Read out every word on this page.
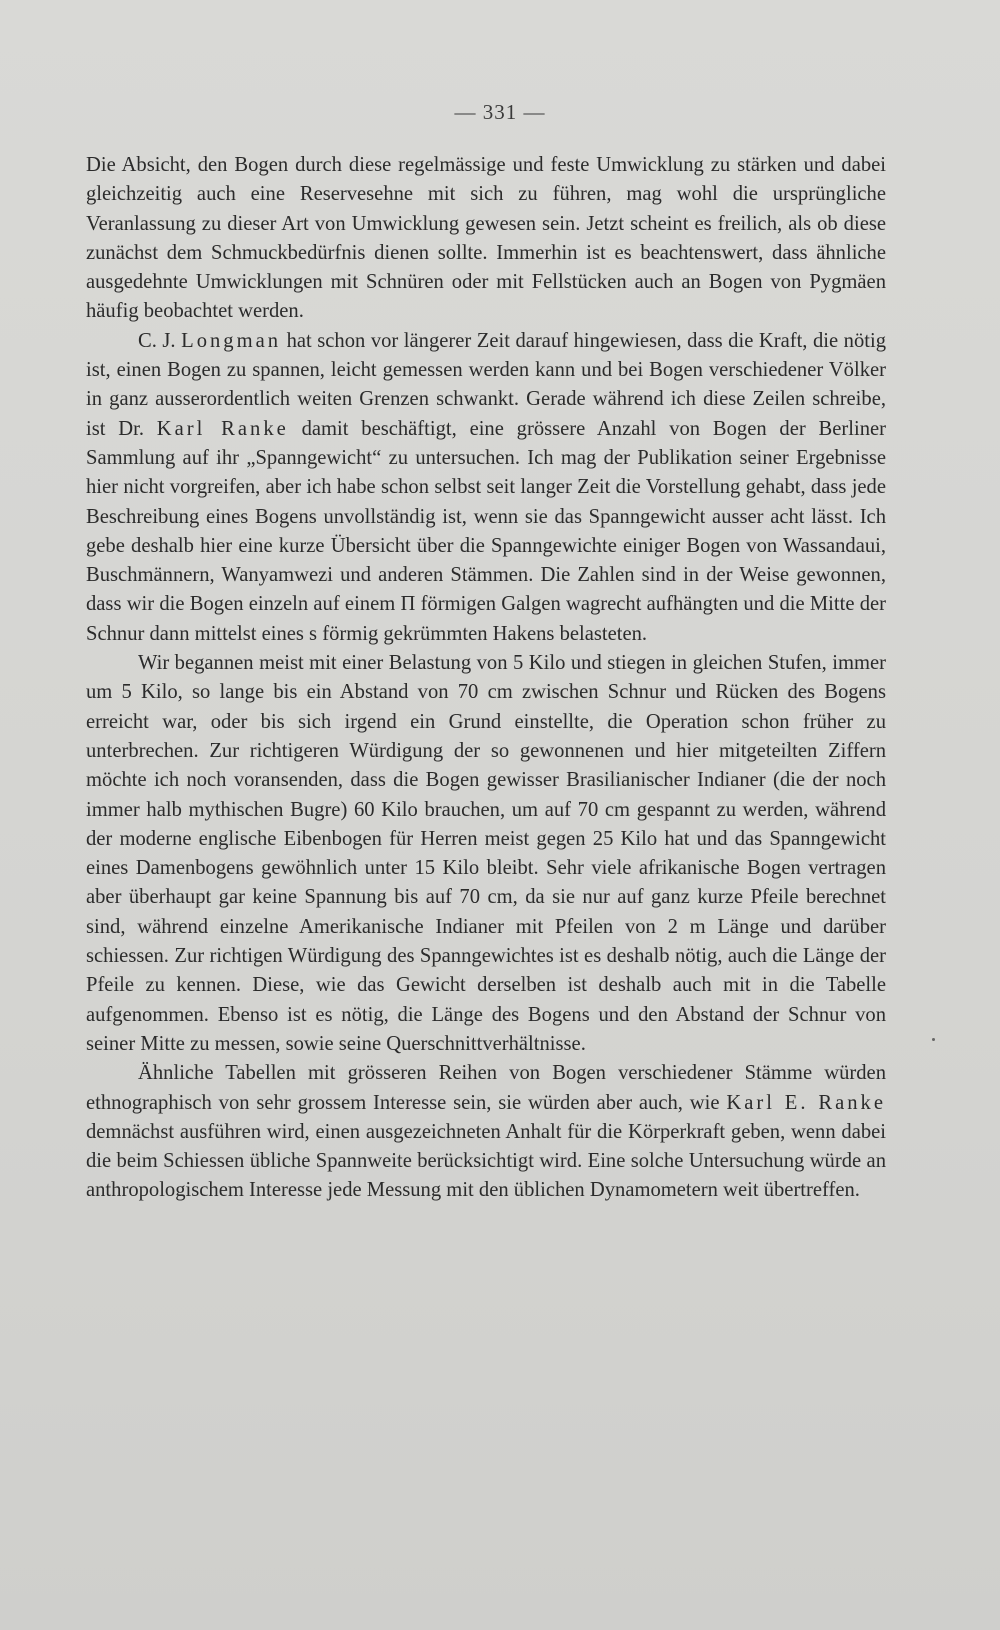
— 331 —

Die Absicht, den Bogen durch diese regelmässige und feste Umwicklung zu stärken und dabei gleichzeitig auch eine Reservesehne mit sich zu führen, mag wohl die ursprüngliche Veranlassung zu dieser Art von Umwicklung gewesen sein. Jetzt scheint es freilich, als ob diese zunächst dem Schmuckbedürfnis dienen sollte. Immerhin ist es beachtenswert, dass ähnliche ausgedehnte Umwicklungen mit Schnüren oder mit Fellstücken auch an Bogen von Pygmäen häufig beobachtet werden.

C. J. Longman hat schon vor längerer Zeit darauf hingewiesen, dass die Kraft, die nötig ist, einen Bogen zu spannen, leicht gemessen werden kann und bei Bogen verschiedener Völker in ganz ausserordentlich weiten Grenzen schwankt. Gerade während ich diese Zeilen schreibe, ist Dr. Karl Ranke damit beschäftigt, eine grössere Anzahl von Bogen der Berliner Sammlung auf ihr „Spanngewicht“ zu untersuchen. Ich mag der Publikation seiner Ergebnisse hier nicht vorgreifen, aber ich habe schon selbst seit langer Zeit die Vorstellung gehabt, dass jede Beschreibung eines Bogens unvollständig ist, wenn sie das Spanngewicht ausser acht lässt. Ich gebe deshalb hier eine kurze Übersicht über die Spanngewichte einiger Bogen von Wassandaui, Buschmännern, Wanyamwezi und anderen Stämmen. Die Zahlen sind in der Weise gewonnen, dass wir die Bogen einzeln auf einem Π förmigen Galgen wagrecht aufhängten und die Mitte der Schnur dann mittelst eines s förmig gekrümmten Hakens belasteten.

Wir begannen meist mit einer Belastung von 5 Kilo und stiegen in gleichen Stufen, immer um 5 Kilo, so lange bis ein Abstand von 70 cm zwischen Schnur und Rücken des Bogens erreicht war, oder bis sich irgend ein Grund einstellte, die Operation schon früher zu unterbrechen. Zur richtigeren Würdigung der so gewonnenen und hier mitgeteilten Ziffern möchte ich noch voransenden, dass die Bogen gewisser Brasilianischer Indianer (die der noch immer halb mythischen Bugre) 60 Kilo brauchen, um auf 70 cm gespannt zu werden, während der moderne englische Eibenbogen für Herren meist gegen 25 Kilo hat und das Spanngewicht eines Damenbogens gewöhnlich unter 15 Kilo bleibt. Sehr viele afrikanische Bogen vertragen aber überhaupt gar keine Spannung bis auf 70 cm, da sie nur auf ganz kurze Pfeile berechnet sind, während einzelne Amerikanische Indianer mit Pfeilen von 2 m Länge und darüber schiessen. Zur richtigen Würdigung des Spanngewichtes ist es deshalb nötig, auch die Länge der Pfeile zu kennen. Diese, wie das Gewicht derselben ist deshalb auch mit in die Tabelle aufgenommen. Ebenso ist es nötig, die Länge des Bogens und den Abstand der Schnur von seiner Mitte zu messen, sowie seine Querschnittverhältnisse.

Ähnliche Tabellen mit grösseren Reihen von Bogen verschiedener Stämme würden ethnographisch von sehr grossem Interesse sein, sie würden aber auch, wie Karl E. Ranke demnächst ausführen wird, einen ausgezeichneten Anhalt für die Körperkraft geben, wenn dabei die beim Schiessen übliche Spannweite berücksichtigt wird. Eine solche Untersuchung würde an anthropologischem Interesse jede Messung mit den üblichen Dynamometern weit übertreffen.
